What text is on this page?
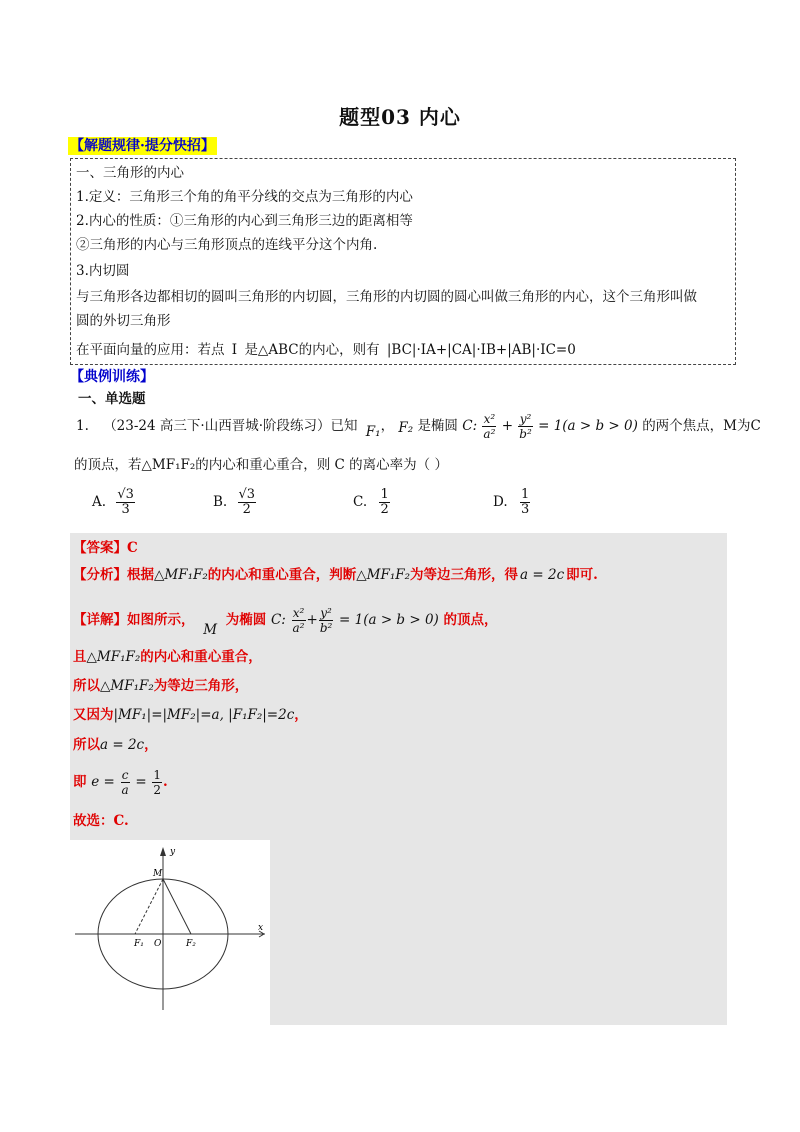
题型03 内心
【解题规律·提分快招】
一、三角形的内心
1.定义：三角形三个角的角平分线的交点为三角形的内心
2.内心的性质：①三角形的内心到三角形三边的距离相等
②三角形的内心与三角形顶点的连线平分这个内角.
3.内切圆
与三角形各边都相切的圆叫三角形的内切圆，三角形的内切圆的圆心叫做三角形的内心，这个三角形叫做
圆的外切三角形
在平面向量的应用：若点 I 是△ABC的内心，则有 |BC|·IA+|CA|·IB+|AB|·IC=0
【典例训练】
一、单选题
1. （23-24 高三下·山西晋城·阶段练习）已知 F₁， F₂ 是椭圆 C: $\frac{\text{x²}}{\text{a²}} + \frac{\text{y²}}{\text{b²}} = 1(a > b > 0)$ 的两个焦点，M为C
的顶点，若△MF₁F₂的内心和重心重合，则 C 的离心率为（ ）
A. $\frac{√3}{3}$	B. $\frac{√3}{2}$	C. $\frac{1}{2}$	D. $\frac{1}{3}$
【答案】C
【分析】根据△MF₁F₂的内心和重心重合，判断△MF₁F₂为等边三角形，得 a = 2c 即可.
【详解】如图所示， M 为椭圆 C: $\frac{\text{x²}}{\text{a²}} + \frac{\text{y²}}{\text{b²}} = 1(a > b > 0)$ 的顶点，
且△MF₁F₂的内心和重心重合，
所以△MF₁F₂为等边三角形，
又因为|MF₁|=|MF₂|=a, |F₁F₂|=2c，
所以a = 2c，
即 $e = \frac{c}{a} = \frac{1}{2}$ .
故选：C.
y
x
M
F₁ O	F₂
